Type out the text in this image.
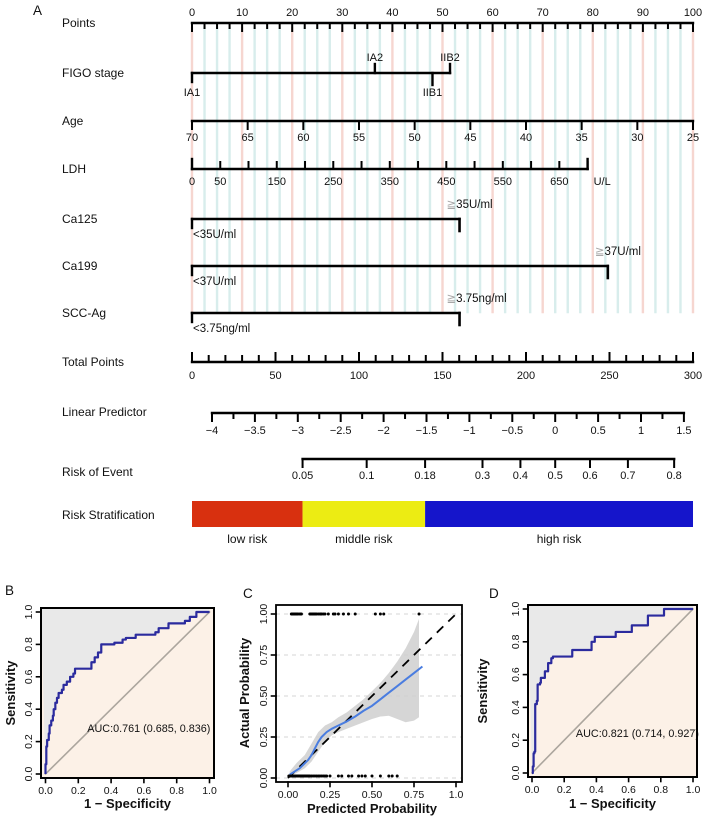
A
B	C	D
Points
0	10	20	30	40	50	60	70	80	90	100
FIGO stage
IA1
IA2
IIB1
IIB2
Age
70	65	60	55	50	45	40	35	30	25
LDH
0 50	150	250	350	450	550	650 U/L
Ca125
<35U/ml
≧35U/ml
Ca199
<37U/ml
≧37U/ml
SCC-Ag
<3.75ng/ml
≧3.75ng/ml
Total Points
0	50	100	150	200	250	300
Linear Predictor
−4 −3.5 −3 −2.5 −2 −1.5 −1 −0.5	0	0.5	1	1.5
Risk of Event	0.05	0.1	0.18	0.3 0.4 0.5 0.6 0.7	0.8
Risk Stratification
low risk	middle risk	high risk
AUC:0.761 (0.685, 0.836)
0.0 0.2 0.4 0.6 0.8 1.0
0.0
0.2
0.4
0.6
0.8
1.0
1 − Specificity
Sensitivity
0.00 0.25 0.50 0.75 1.0
0.00
0.25
0.50
0.75
1.00
Predicted Probability
Actual Probability	AUC:0.821 (0.714, 0.927)
0.0 0.2 0.4 0.6 0.8 1.0
0.0
0.2
0.4
0.6
0.8
1.0
1 − Specificity
Sensitivity
